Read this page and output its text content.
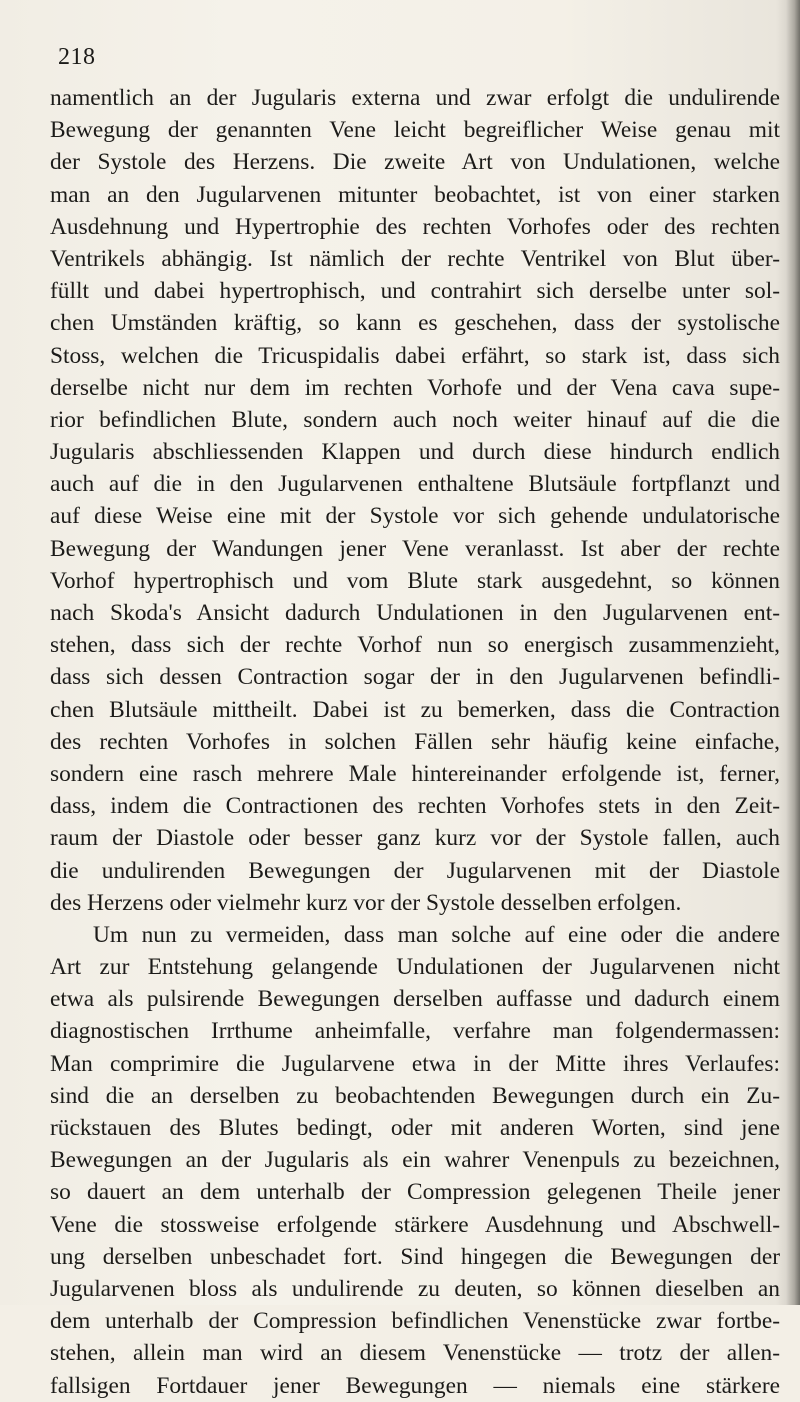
218
namentlich an der Jugularis externa und zwar erfolgt die undulirende
Bewegung der genannten Vene leicht begreiflicher Weise genau mit
der Systole des Herzens. Die zweite Art von Undulationen, welche
man an den Jugularvenen mitunter beobachtet, ist von einer starken
Ausdehnung und Hypertrophie des rechten Vorhofes oder des rechten
Ventrikels abhängig. Ist nämlich der rechte Ventrikel von Blut über-
füllt und dabei hypertrophisch, und contrahirt sich derselbe unter sol-
chen Umständen kräftig, so kann es geschehen, dass der systolische
Stoss, welchen die Tricuspidalis dabei erfährt, so stark ist, dass sich
derselbe nicht nur dem im rechten Vorhofe und der Vena cava supe-
rior befindlichen Blute, sondern auch noch weiter hinauf auf die die
Jugularis abschliessenden Klappen und durch diese hindurch endlich
auch auf die in den Jugularvenen enthaltene Blutsäule fortpflanzt und
auf diese Weise eine mit der Systole vor sich gehende undulatorische
Bewegung der Wandungen jener Vene veranlasst. Ist aber der rechte
Vorhof hypertrophisch und vom Blute stark ausgedehnt, so können
nach Skoda's Ansicht dadurch Undulationen in den Jugularvenen ent-
stehen, dass sich der rechte Vorhof nun so energisch zusammenzieht,
dass sich dessen Contraction sogar der in den Jugularvenen befindli-
chen Blutsäule mittheilt. Dabei ist zu bemerken, dass die Contraction
des rechten Vorhofes in solchen Fällen sehr häufig keine einfache,
sondern eine rasch mehrere Male hintereinander erfolgende ist, ferner,
dass, indem die Contractionen des rechten Vorhofes stets in den Zeit-
raum der Diastole oder besser ganz kurz vor der Systole fallen, auch
die undulirenden Bewegungen der Jugularvenen mit der Diastole
des Herzens oder vielmehr kurz vor der Systole desselben erfolgen.
Um nun zu vermeiden, dass man solche auf eine oder die andere
Art zur Entstehung gelangende Undulationen der Jugularvenen nicht
etwa als pulsirende Bewegungen derselben auffasse und dadurch einem
diagnostischen Irrthume anheimfalle, verfahre man folgendermassen:
Man comprimire die Jugularvene etwa in der Mitte ihres Verlaufes:
sind die an derselben zu beobachtenden Bewegungen durch ein Zu-
rückstauen des Blutes bedingt, oder mit anderen Worten, sind jene
Bewegungen an der Jugularis als ein wahrer Venenpuls zu bezeichnen,
so dauert an dem unterhalb der Compression gelegenen Theile jener
Vene die stossweise erfolgende stärkere Ausdehnung und Abschwell-
ung derselben unbeschadet fort. Sind hingegen die Bewegungen der
Jugularvenen bloss als undulirende zu deuten, so können dieselben an
dem unterhalb der Compression befindlichen Venenstücke zwar fortbe-
stehen, allein man wird an diesem Venenstücke — trotz der allen-
fallsigen Fortdauer jener Bewegungen — niemals eine stärkere
